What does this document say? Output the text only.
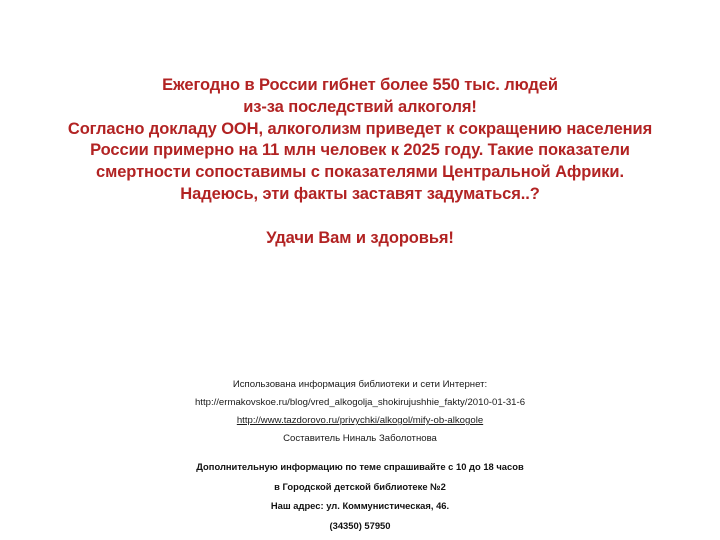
Ежегодно в России гибнет более 550 тыс. людей
из-за последствий алкоголя!
Согласно докладу ООН, алкоголизм приведет к сокращению населения
России примерно на 11 млн человек к 2025 году. Такие показатели
смертности сопоставимы с показателями Центральной Африки.
Надеюсь, эти факты заставят задуматься..?
Удачи Вам и здоровья!
Использована информация библиотеки и сети Интернет:
http://ermakovskoe.ru/blog/vred_alkogolja_shokirujushhie_fakty/2010-01-31-6
http://www.tazdorovo.ru/privychki/alkogol/mify-ob-alkogole
Составитель Ниналь Заболотнова
Дополнительную информацию по теме спрашивайте с 10 до 18 часов
в Городской детской библиотеке №2
Наш адрес: ул. Коммунистическая, 46.
(34350) 57950
